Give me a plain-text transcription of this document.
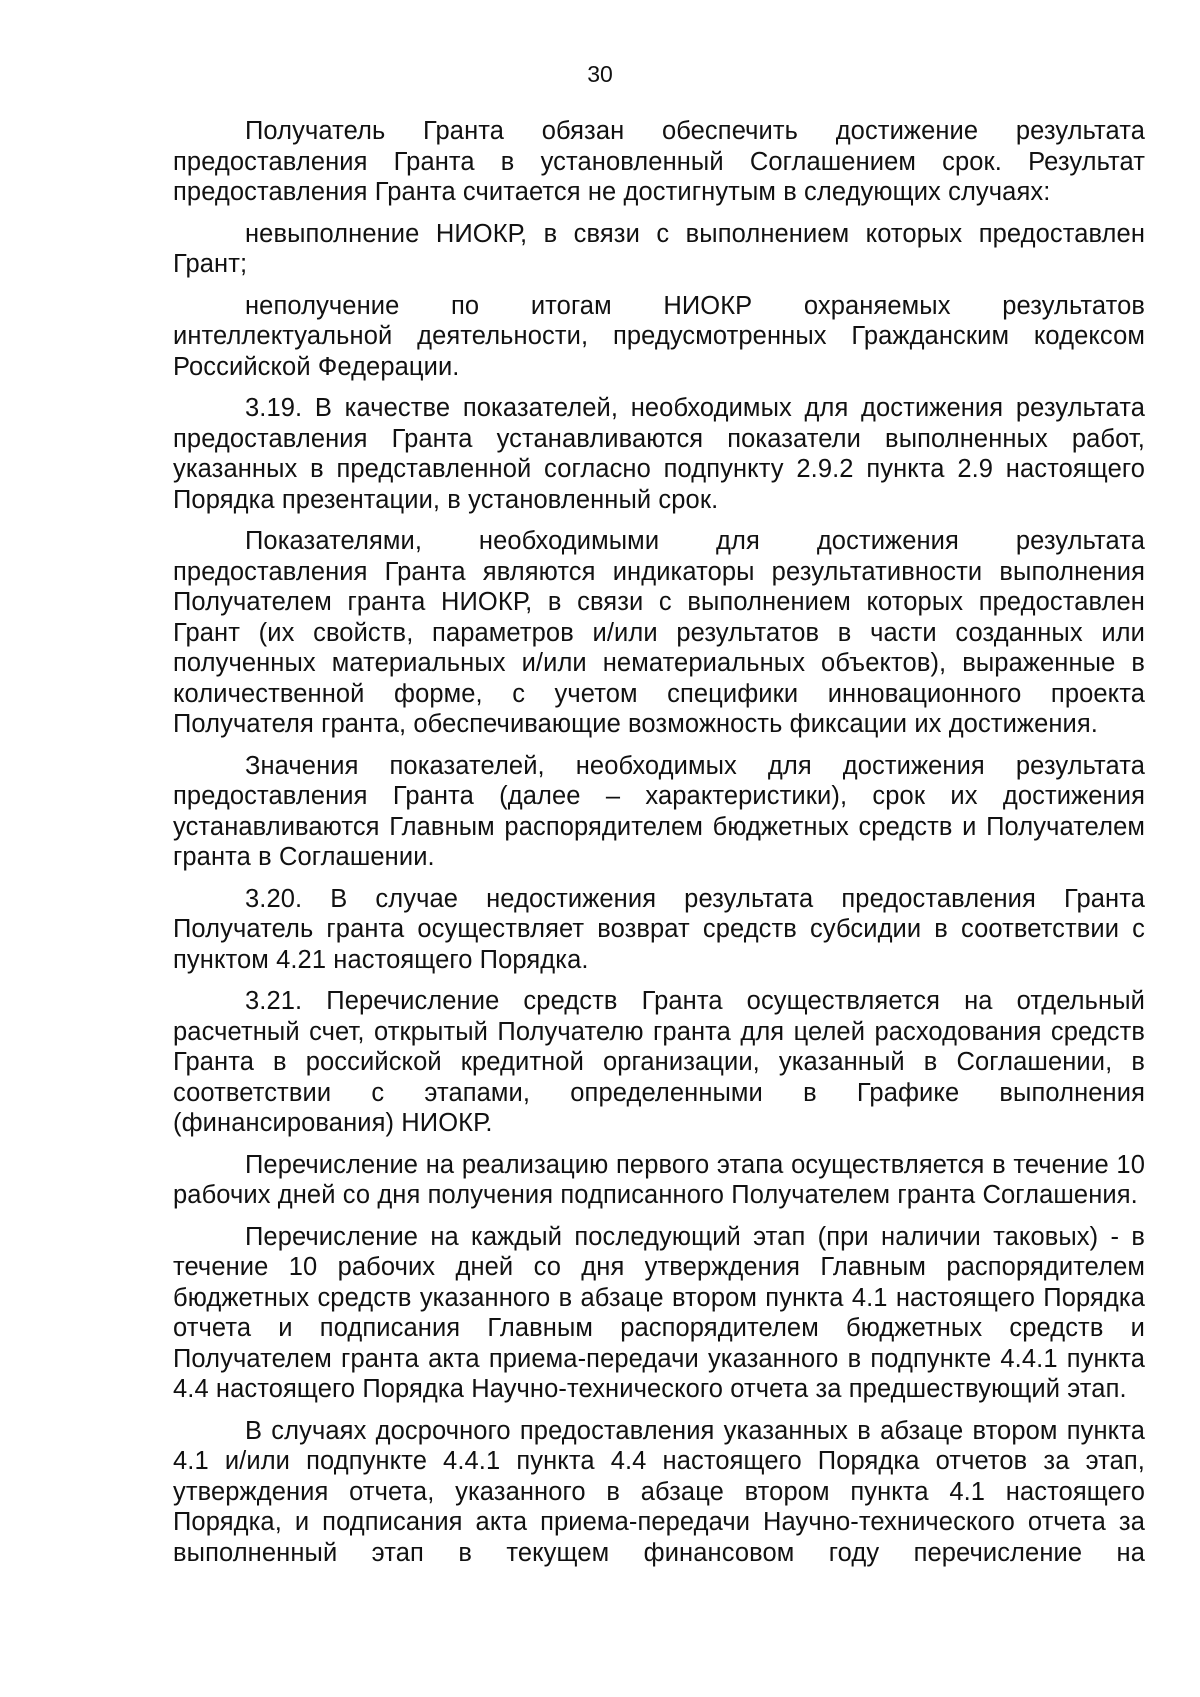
30

Получатель Гранта обязан обеспечить достижение результата предоставления Гранта в установленный Соглашением срок. Результат предоставления Гранта считается не достигнутым в следующих случаях:

невыполнение НИОКР, в связи с выполнением которых предоставлен Грант;

неполучение по итогам НИОКР охраняемых результатов интеллектуальной деятельности, предусмотренных Гражданским кодексом Российской Федерации.

3.19. В качестве показателей, необходимых для достижения результата предоставления Гранта устанавливаются показатели выполненных работ, указанных в представленной согласно подпункту 2.9.2 пункта 2.9 настоящего Порядка презентации, в установленный срок.

Показателями, необходимыми для достижения результата предоставления Гранта являются индикаторы результативности выполнения Получателем гранта НИОКР, в связи с выполнением которых предоставлен Грант (их свойств, параметров и/или результатов в части созданных или полученных материальных и/или нематериальных объектов), выраженные в количественной форме, с учетом специфики инновационного проекта Получателя гранта, обеспечивающие возможность фиксации их достижения.

Значения показателей, необходимых для достижения результата предоставления Гранта (далее – характеристики), срок их достижения устанавливаются Главным распорядителем бюджетных средств и Получателем гранта в Соглашении.

3.20. В случае недостижения результата предоставления Гранта Получатель гранта осуществляет возврат средств субсидии в соответствии с пунктом 4.21 настоящего Порядка.

3.21. Перечисление средств Гранта осуществляется на отдельный расчетный счет, открытый Получателю гранта для целей расходования средств Гранта в российской кредитной организации, указанный в Соглашении, в соответствии с этапами, определенными в Графике выполнения (финансирования) НИОКР.

Перечисление на реализацию первого этапа осуществляется в течение 10 рабочих дней со дня получения подписанного Получателем гранта Соглашения.

Перечисление на каждый последующий этап (при наличии таковых) - в течение 10 рабочих дней со дня утверждения Главным распорядителем бюджетных средств указанного в абзаце втором пункта 4.1 настоящего Порядка отчета и подписания Главным распорядителем бюджетных средств и Получателем гранта акта приема-передачи указанного в подпункте 4.4.1 пункта 4.4 настоящего Порядка Научно-технического отчета за предшествующий этап.

В случаях досрочного предоставления указанных в абзаце втором пункта 4.1 и/или подпункте 4.4.1 пункта 4.4 настоящего Порядка отчетов за этап, утверждения отчета, указанного в абзаце втором пункта 4.1 настоящего Порядка, и подписания акта приема-передачи Научно-технического отчета за выполненный этап в текущем финансовом году перечисление на
